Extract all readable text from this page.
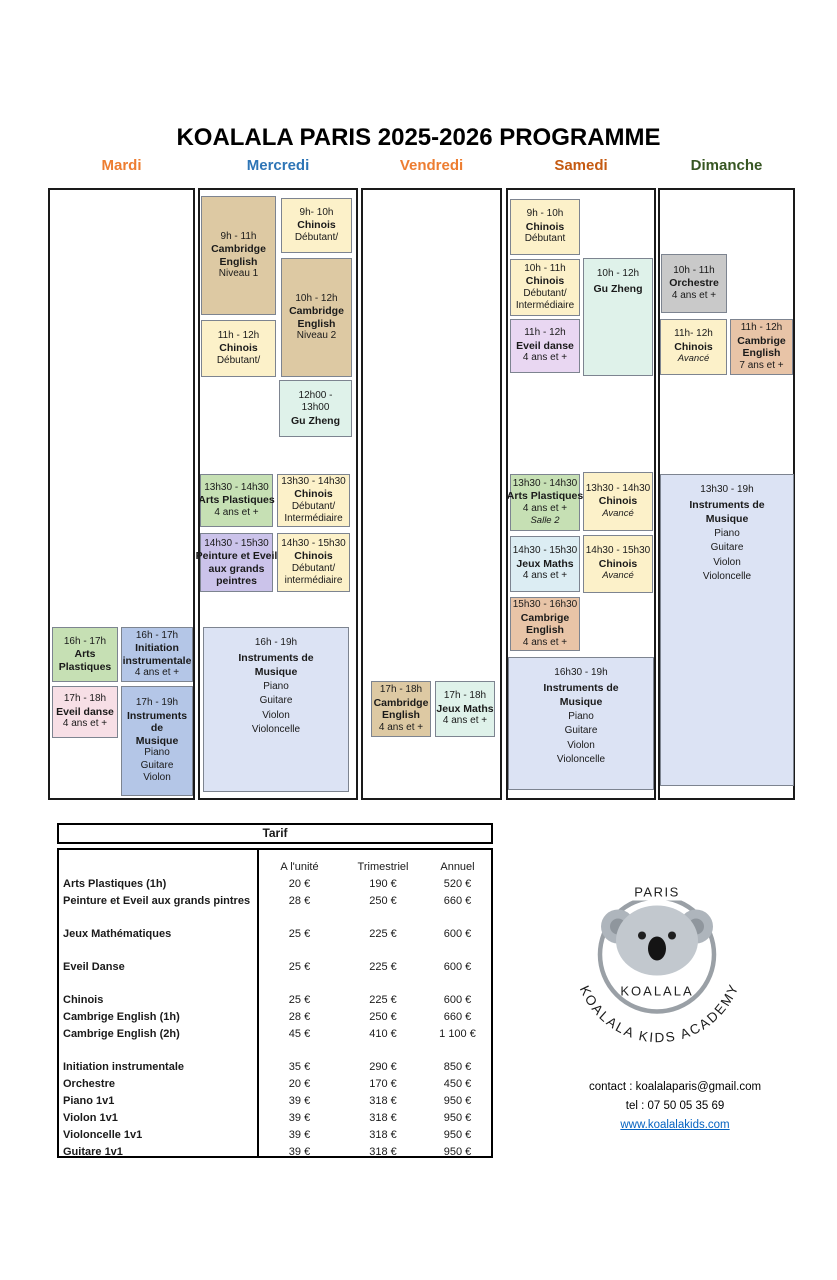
KOALALA PARIS 2025-2026 PROGRAMME
Tarif
A l'unité	Trimestriel	Annuel
Arts Plastiques (1h)	20 €	190 €	520 €
Peinture et Eveil aux grands pintres	28 €	250 €	660 €
Jeux Mathématiques	25 €	225 €	600 €
Eveil Danse	25 €	225 €	600 €
Chinois	25 €	225 €	600 €
Cambrige English (1h)	28 €	250 €	660 €
Cambrige English (2h)	45 €	410 €	1 100 €
Initiation instrumentale	35 €	290 €	850 €
Orchestre	20 €	170 €	450 €
Piano 1v1	39 €	318 €	950 €
Violon 1v1	39 €	318 €	950 €
Violoncelle 1v1	39 €	318 €	950 €
Guitare 1v1	39 €	318 €	950 €
PARIS
KOALALA
KOALALA KIDS ACADEMY
contact : koalalaparis@gmail.com
tel : 07 50 05 35 69
www.koalalakids.com
Mardi	Mercredi	Vendredi	Samedi	Dimanche
16h - 17h
Arts
Plastiques
16h - 17h
Initiation
instrumentale
4 ans et +
17h - 18h
Eveil danse
4 ans et +
17h - 19h
Instruments
de
Musique
Piano
Guitare
Violon
9h - 11h
Cambridge
English
Niveau 1
9h- 10h
Chinois
Débutant/
10h - 12h
Cambridge
English
Niveau 2
11h - 12h
Chinois
Débutant/
12h00 -
13h00
Gu Zheng
13h30 - 14h30
Arts Plastiques
4 ans et +
13h30 - 14h30
Chinois
Débutant/
Intermédiaire
14h30 - 15h30
Peinture et Eveil
aux grands
peintres
14h30 - 15h30
Chinois
Débutant/
intermédiaire
16h - 19h
Instruments de
Musique
Piano
Guitare
Violon
Violoncelle
17h - 18h
Cambridge
English
4 ans et +
17h - 18h
Jeux Maths
4 ans et +
9h - 10h
Chinois
Débutant
10h - 11h
Chinois
Débutant/
Intermédiaire
10h - 12h
Gu Zheng
11h - 12h
Eveil danse
4 ans et +
13h30 - 14h30
Arts Plastiques
4 ans et +
Salle 2
13h30 - 14h30
Chinois
Avancé
14h30 - 15h30
Jeux Maths
4 ans et +
14h30 - 15h30
Chinois
Avancé
15h30 - 16h30
Cambrige
English
4 ans et +
16h30 - 19h
Instruments de
Musique
Piano
Guitare
Violon
Violoncelle
10h - 11h
Orchestre
4 ans et +
11h- 12h
Chinois
Avancé
11h - 12h
Cambrige
English
7 ans et +
13h30 - 19h
Instruments de
Musique
Piano
Guitare
Violon
Violoncelle
